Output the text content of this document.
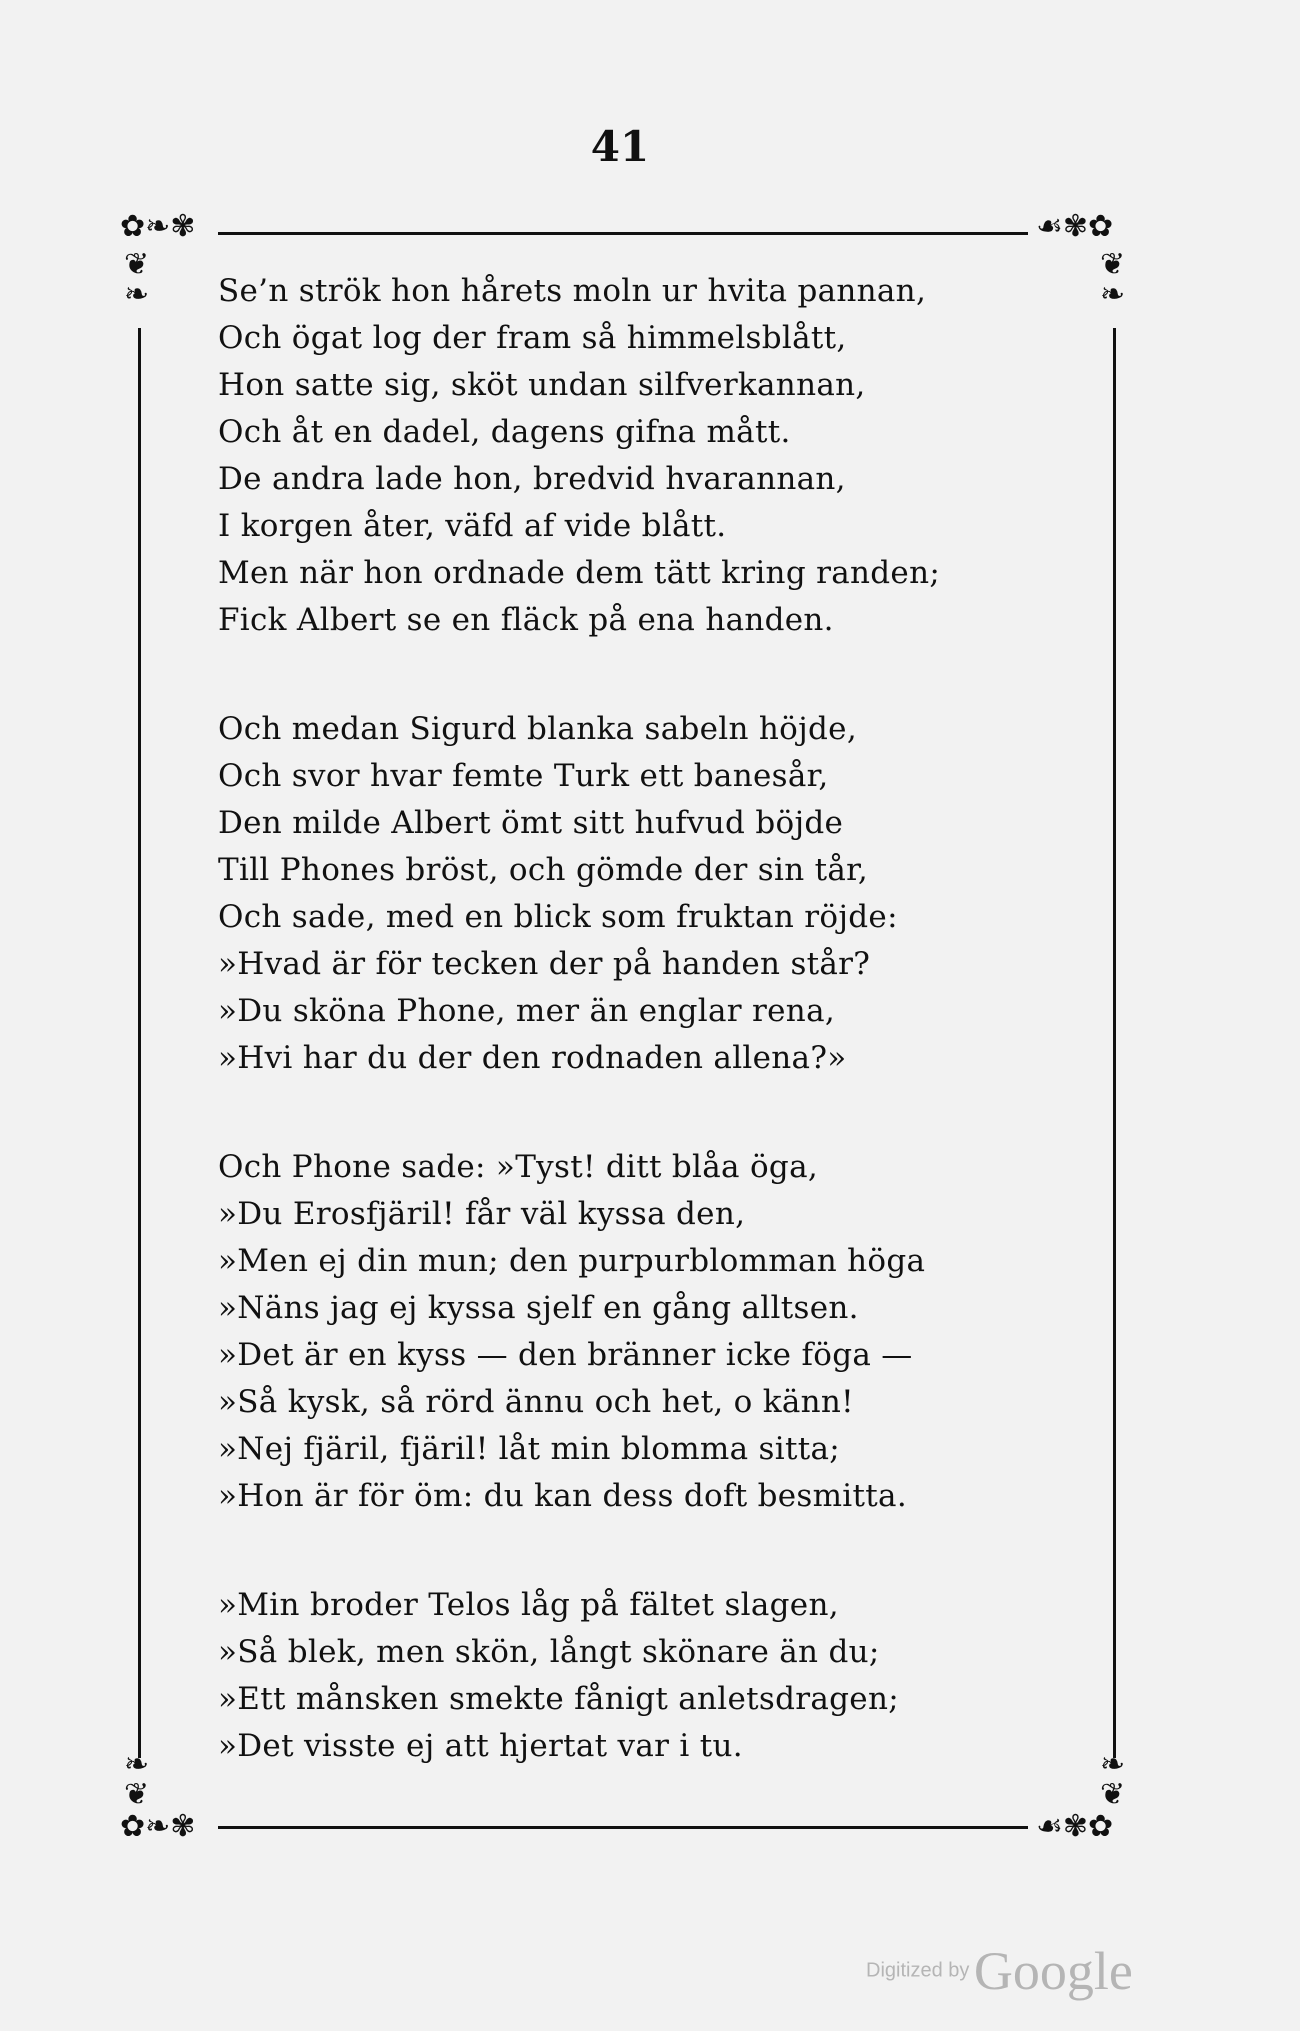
41
✿❧✾
❦
❧
☙✾✿
❦
❧
✿❧✾
❧
❦
☙✾✿
❧
❦
Se’n strök hon hårets moln ur hvita pannan,
Och ögat log der fram så himmelsblått,
Hon satte sig, sköt undan silfverkannan,
Och åt en dadel, dagens gifna mått.
De andra lade hon, bredvid hvarannan,
I korgen åter, väfd af vide blått.
Men när hon ordnade dem tätt kring randen;
Fick Albert se en fläck på ena handen.
Och medan Sigurd blanka sabeln höjde,
Och svor hvar femte Turk ett banesår,
Den milde Albert ömt sitt hufvud böjde
Till Phones bröst, och gömde der sin tår,
Och sade, med en blick som fruktan röjde:
»Hvad är för tecken der på handen står?
»Du sköna Phone, mer än englar rena,
»Hvi har du der den rodnaden allena?»
Och Phone sade: »Tyst! ditt blåa öga,
»Du Erosfjäril! får väl kyssa den,
»Men ej din mun; den purpurblomman höga
»Näns jag ej kyssa sjelf en gång alltsen.
»Det är en kyss — den bränner icke föga —
»Så kysk, så rörd ännu och het, o känn!
»Nej fjäril, fjäril! låt min blomma sitta;
»Hon är för öm: du kan dess doft besmitta.
»Min broder Telos låg på fältet slagen,
»Så blek, men skön, långt skönare än du;
»Ett månsken smekte fånigt anletsdragen;
»Det visste ej att hjertat var i tu.
Digitized by Google
